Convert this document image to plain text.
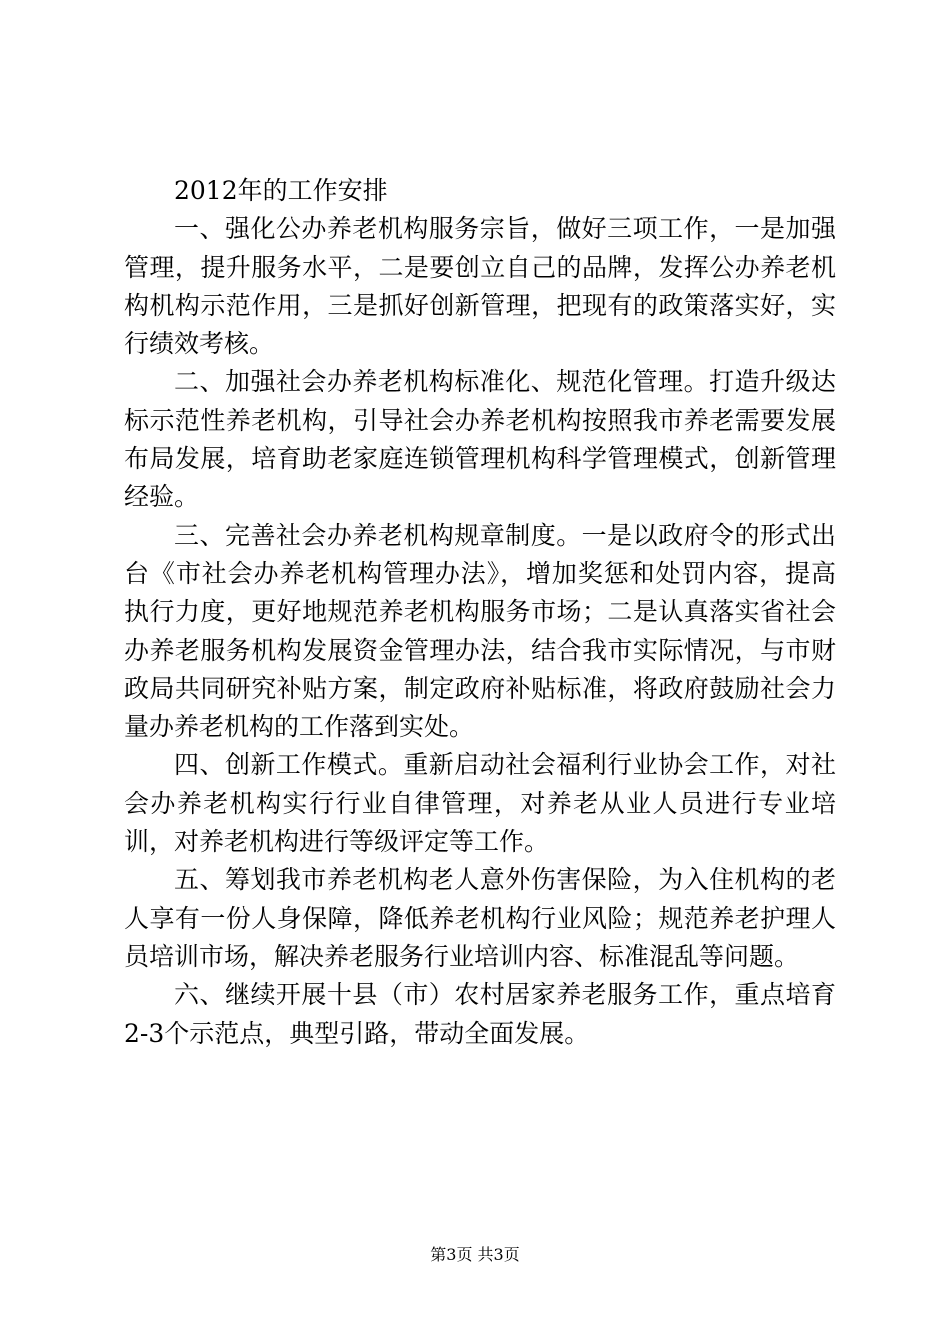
2012年的工作安排

一、强化公办养老机构服务宗旨，做好三项工作，一是加强管理，提升服务水平，二是要创立自己的品牌，发挥公办养老机构机构示范作用，三是抓好创新管理，把现有的政策落实好，实行绩效考核。

二、加强社会办养老机构标准化、规范化管理。打造升级达标示范性养老机构，引导社会办养老机构按照我市养老需要发展布局发展，培育助老家庭连锁管理机构科学管理模式，创新管理经验。

三、完善社会办养老机构规章制度。一是以政府令的形式出台《市社会办养老机构管理办法》，增加奖惩和处罚内容，提高执行力度，更好地规范养老机构服务市场；二是认真落实省社会办养老服务机构发展资金管理办法，结合我市实际情况，与市财政局共同研究补贴方案，制定政府补贴标准，将政府鼓励社会力量办养老机构的工作落到实处。

四、创新工作模式。重新启动社会福利行业协会工作，对社会办养老机构实行行业自律管理，对养老从业人员进行专业培训，对养老机构进行等级评定等工作。

五、筹划我市养老机构老人意外伤害保险，为入住机构的老人享有一份人身保障，降低养老机构行业风险；规范养老护理人员培训市场，解决养老服务行业培训内容、标准混乱等问题。

六、继续开展十县（市）农村居家养老服务工作，重点培育2-3个示范点，典型引路，带动全面发展。

第3页 共3页
